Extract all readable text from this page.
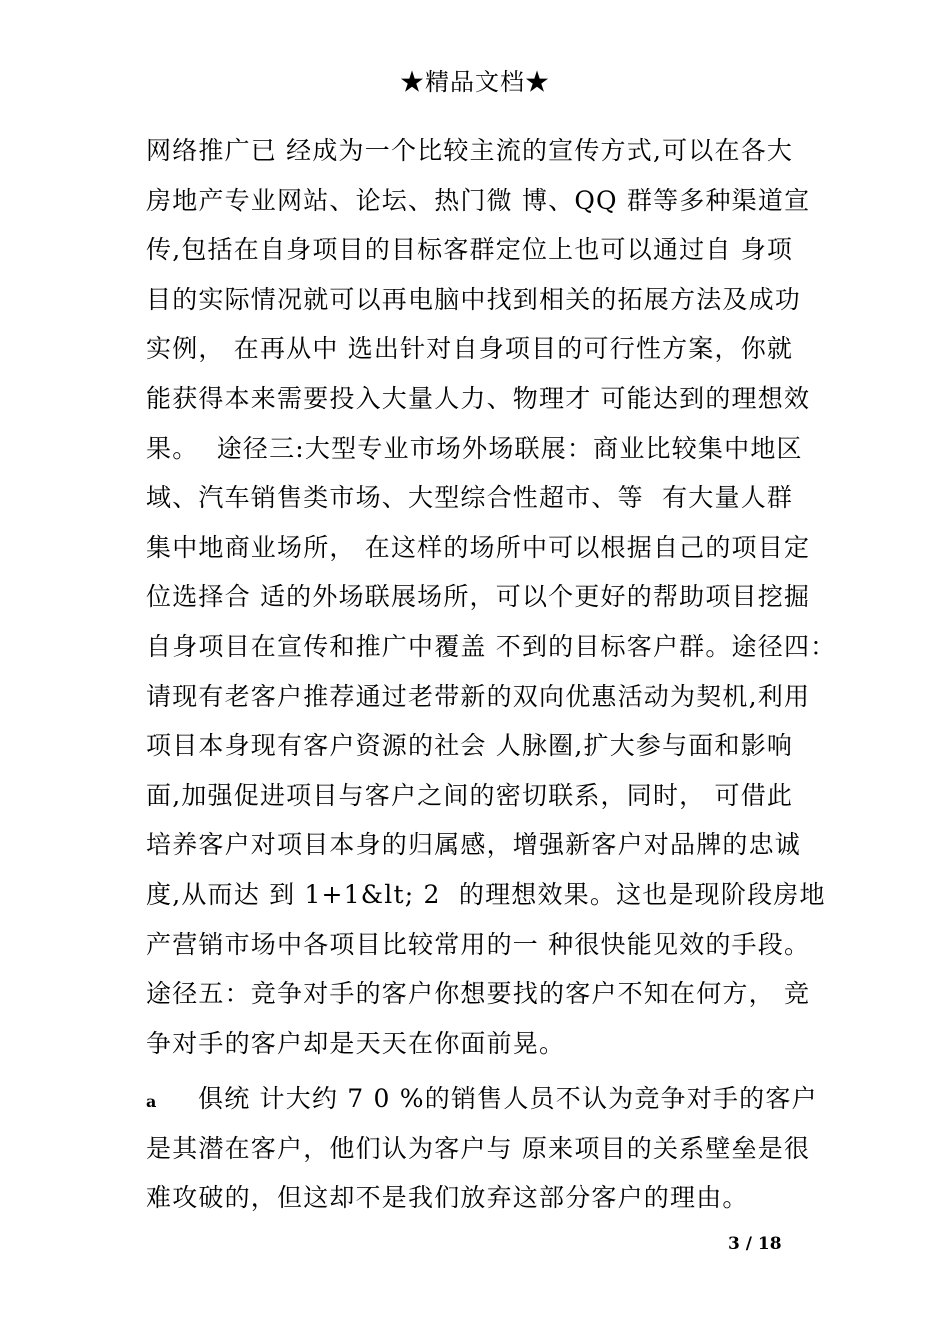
★精品文档★
网络推广已 经成为一个比较主流的宣传方式,可以在各大
房地产专业网站、论坛、热门微 博、QQ 群等多种渠道宣
传,包括在自身项目的目标客群定位上也可以通过自 身项
目的实际情况就可以再电脑中找到相关的拓展方法及成功
实例， 在再从中 选出针对自身项目的可行性方案，你就
能获得本来需要投入大量人力、物理才 可能达到的理想效
果。  途径三:大型专业市场外场联展：商业比较集中地区
域、汽车销售类市场、大型综合性超市、等  有大量人群
集中地商业场所， 在这样的场所中可以根据自己的项目定
位选择合 适的外场联展场所，可以个更好的帮助项目挖掘
自身项目在宣传和推广中覆盖 不到的目标客户群。途径四：
请现有老客户推荐通过老带新的双向优惠活动为契机,利用
项目本身现有客户资源的社会 人脉圈,扩大参与面和影响
面,加强促进项目与客户之间的密切联系，同时， 可借此
培养客户对项目本身的归属感，增强新客户对品牌的忠诚
度,从而达 到 1+1&lt; 2  的理想效果。这也是现阶段房地
产营销市场中各项目比较常用的一 种很快能见效的手段。
途径五：竞争对手的客户你想要找的客户不知在何方， 竞
争对手的客户却是天天在你面前晃。
a 俱统 计大约 7 0 %的销售人员不认为竞争对手的客户
是其潜在客户，他们认为客户与 原来项目的关系壁垒是很
难攻破的，但这却不是我们放弃这部分客户的理由。
3 / 18
